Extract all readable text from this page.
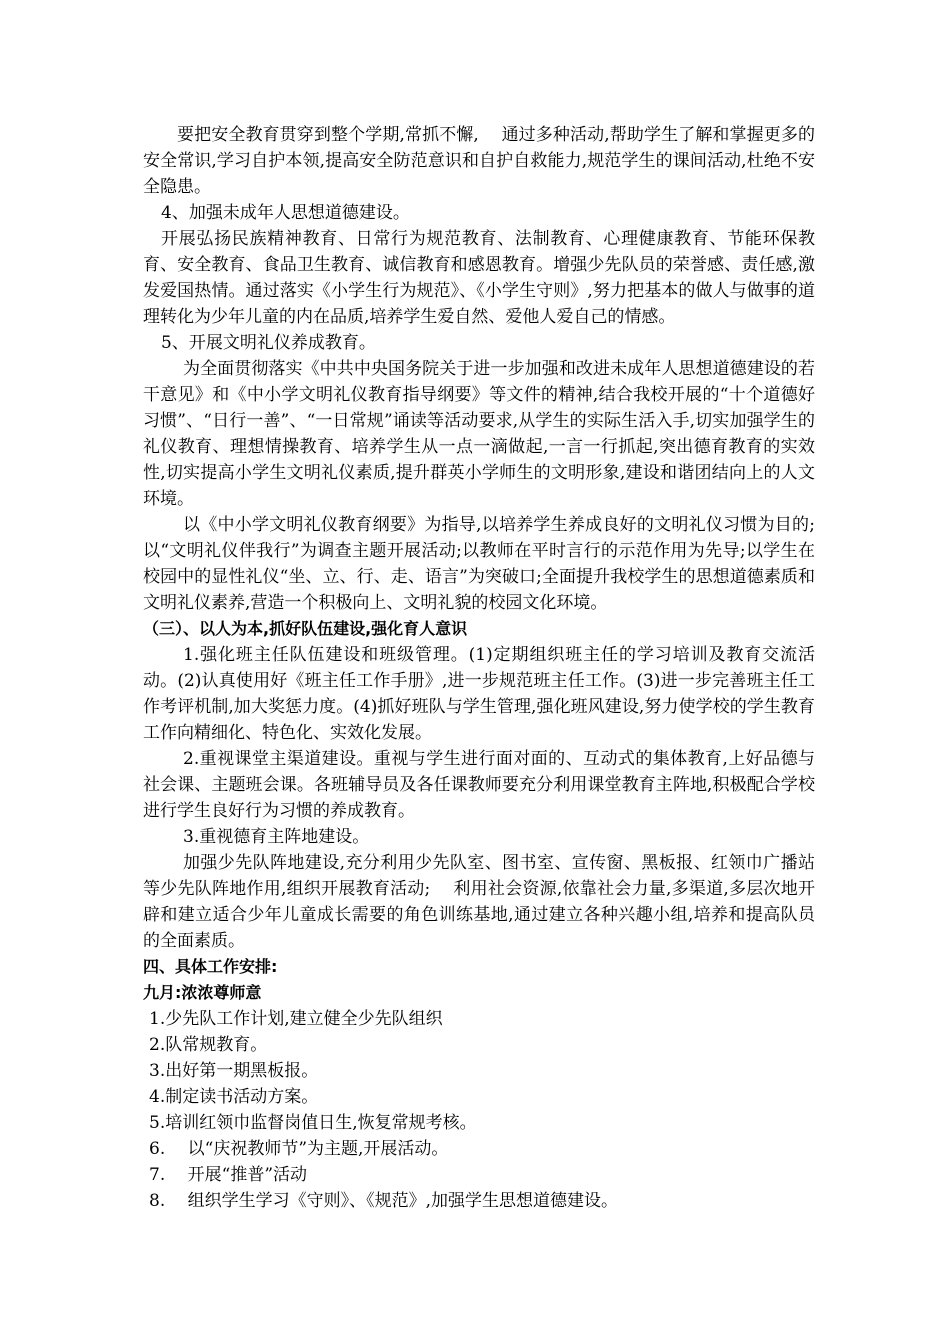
要把安全教育贯穿到整个学期,常抓不懈,　 通过多种活动,帮助学生了解和掌握更多的安全常识,学习自护本领,提高安全防范意识和自护自救能力,规范学生的课间活动,杜绝不安全隐患。

4、加强未成年人思想道德建设。

开展弘扬民族精神教育、日常行为规范教育、法制教育、心理健康教育、节能环保教育、安全教育、食品卫生教育、诚信教育和感恩教育。增强少先队员的荣誉感、责任感,激发爱国热情。通过落实《小学生行为规范》、《小学生守则》,努力把基本的做人与做事的道理转化为少年儿童的内在品质,培养学生爱自然、爱他人爱自己的情感。

5、开展文明礼仪养成教育。

为全面贯彻落实《中共中央国务院关于进一步加强和改进未成年人思想道德建设的若干意见》和《中小学文明礼仪教育指导纲要》等文件的精神,结合我校开展的“十个道德好习惯”、“日行一善”、“一日常规”诵读等活动要求,从学生的实际生活入手,切实加强学生的礼仪教育、理想情操教育、培养学生从一点一滴做起,一言一行抓起,突出德育教育的实效性,切实提高小学生文明礼仪素质,提升群英小学师生的文明形象,建设和谐团结向上的人文环境。

以《中小学文明礼仪教育纲要》为指导,以培养学生养成良好的文明礼仪习惯为目的;以“文明礼仪伴我行”为调查主题开展活动;以教师在平时言行的示范作用为先导;以学生在校园中的显性礼仪“坐、立、行、走、语言”为突破口;全面提升我校学生的思想道德素质和文明礼仪素养,营造一个积极向上、文明礼貌的校园文化环境。

（三）、以人为本,抓好队伍建设,强化育人意识

1.强化班主任队伍建设和班级管理。(1)定期组织班主任的学习培训及教育交流活动。(2)认真使用好《班主任工作手册》,进一步规范班主任工作。(3)进一步完善班主任工作考评机制,加大奖惩力度。(4)抓好班队与学生管理,强化班风建设,努力使学校的学生教育工作向精细化、特色化、实效化发展。

2.重视课堂主渠道建设。重视与学生进行面对面的、互动式的集体教育,上好品德与社会课、主题班会课。各班辅导员及各任课教师要充分利用课堂教育主阵地,积极配合学校进行学生良好行为习惯的养成教育。

3.重视德育主阵地建设。

加强少先队阵地建设,充分利用少先队室、图书室、宣传窗、黑板报、红领巾广播站等少先队阵地作用,组织开展教育活动;　 利用社会资源,依靠社会力量,多渠道,多层次地开辟和建立适合少年儿童成长需要的角色训练基地,通过建立各种兴趣小组,培养和提高队员的全面素质。

四、具体工作安排:

九月:浓浓尊师意

1.少先队工作计划,建立健全少先队组织

2.队常规教育。

3.出好第一期黑板报。

4.制定读书活动方案。

5.培训红领巾监督岗值日生,恢复常规考核。

6.　 以“庆祝教师节”为主题,开展活动。

7.　 开展“推普”活动

8.　 组织学生学习《守则》、《规范》,加强学生思想道德建设。
